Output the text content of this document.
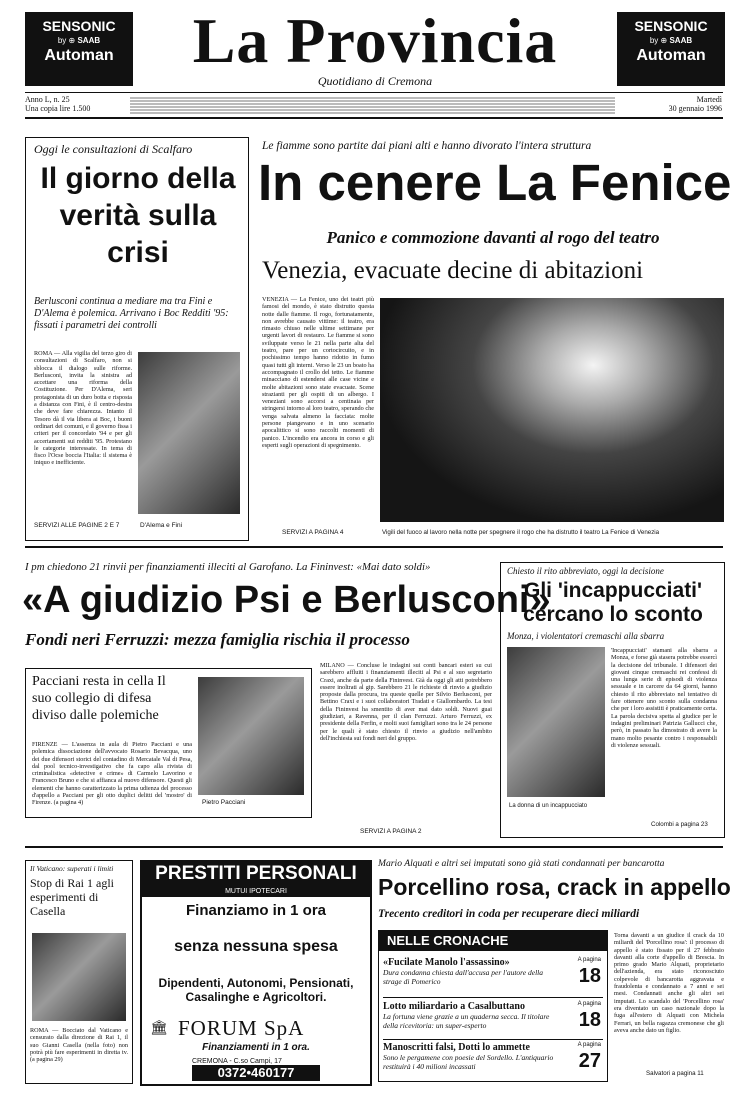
SENSONIC
by ⊕ SAAB
Automan	La Provincia
Quotidiano di Cremona
SENSONIC
by ⊕ SAAB
Automan
Anno L, n. 25
Una copia lire 1.500
Martedì
30 gennaio 1996
Oggi le consultazioni di Scalfaro
Il giorno della verità sulla crisi
Berlusconi continua a mediare ma tra Fini e D'Alema è polemica. Arrivano i Boc Redditi '95: fissati i parametri dei controlli
ROMA — Alla vigilia del terzo giro di consultazioni di Scalfaro, non si sblocca il dialogo sulle riforme. Berlusconi, invita la sinistra ad accettare una riforma della Costituzione. Per D'Alema, seri protagonista di un duro botta e risposta a distanza con Fini, è il centro-destra che deve fare chiarezza. Intanto il Tesoro dà il via libera ai Boc, i buoni ordinari dei comuni, e il governo fissa i criteri per il concordato '94 e per gli accertamenti sui redditi '95. Protestano le categorie interessate. In tema di fisco l'Ocse boccia l'Italia: il sistema è iniquo e inefficiente.
SERVIZI ALLE PAGINE 2 E 7	D'Alema e Fini
Le fiamme sono partite dai piani alti e hanno divorato l'intera struttura
In cenere La Fenice
Panico e commozione davanti al rogo del teatro
Venezia, evacuate decine di abitazioni
VENEZIA — La Fenice, uno dei teatri più famosi del mondo, è stato distrutto questa notte dalle fiamme. Il rogo, fortunatamente, non avrebbe causato vittime: il teatro, era rimasto chiuso nelle ultime settimane per urgenti lavori di restauro. Le fiamme si sono sviluppate verso le 21 nella parte alta del teatro, pare per un cortocircuito, e in pochissimo tempo hanno ridotto in fumo quasi tutti gli interni. Verso le 23 un boato ha accompagnato il crollo del tetto. Le fiamme minacciano di estendersi alle case vicine e molte abitazioni sono state evacuate. Scene strazianti per gli ospiti di un albergo. I veneziani sono accorsi a centinaia per stringersi intorno al loro teatro, sperando che venga salvata almeno la facciata: molte persone piangevano e in uno scenario apocalittico si sono raccolti momenti di panico. L'incendio era ancora in corso e gli esperti sugli operazioni di spegnimento.
SERVIZI A PAGINA 4	Vigili del fuoco al lavoro nella notte per spegnere il rogo che ha distrutto il teatro La Fenice di Venezia
I pm chiedono 21 rinvii per finanziamenti illeciti al Garofano. La Fininvest: «Mai dato soldi»
«A giudizio Psi e Berlusconi»
Fondi neri Ferruzzi: mezza famiglia rischia il processo
Pacciani resta in cella Il suo collegio di difesa diviso dalle polemiche
FIRENZE — L'assenza in aula di Pietro Pacciani e una polemica dissociazione dell'avvocato Rosario Bevacqua, uno dei due difensori storici del contadino di Mercatale Val di Pesa, dal pool tecnico-investigativo che fa capo alla rivista di criminalistica «detective e crime» di Carmelo Lavorino e Francesco Bruno e che si affianca al nuovo difensore. Questi gli elementi che hanno caratterizzato la prima udienza del processo d'appello a Pacciani per gli otto duplici delitti del 'mostro' di Firenze. (a pagina 4)	Pietro Pacciani
MILANO — Concluse le indagini sui conti bancari esteri su cui sarebbero affluiti i finanziamenti illeciti al Psi e al suo segretario Craxi, anche da parte della Fininvest. Già da oggi gli atti potrebbero essere inoltrati al gip. Sarebbero 21 le richieste di rinvio a giudizio proposte dalla procura, tra queste quelle per Silvio Berlusconi, per Bettino Craxi e i suoi collaboratori Tradati e Giallombardo. La tesi della Fininvest ha smentito di aver mai dato soldi. Nuovi guai giudiziari, a Ravenna, per il clan Ferruzzi. Arturo Ferruzzi, ex presidente della Ferfin, e molti suoi famigliari sono tra le 24 persone per le quali è stato chiesto il rinvio a giudizio nell'ambito dell'inchiesta sui fondi neri del gruppo.
SERVIZI A PAGINA 2
Chiesto il rito abbreviato, oggi la decisione
Gli 'incappucciati' cercano lo sconto
Monza, i violentatori cremaschi alla sbarra
La donna di un incappucciato
'Incappucciati' stamani alla sbarra a Monza, e forse già stasera potrebbe essercì la decisione del tribunale. I difensori dei giovani cinque cremaschi rei confessi di una lunga serie di episodi di violenza sessuale e in carcere da 64 giorni, hanno chiesto il rito abbreviato nel tentativo di fare ottenere uno sconto sulla condanna che per i loro assistiti è praticamente certa. La parola decisiva spetta al giudice per le indagini preliminari Patrizia Gallucci che, però, in passato ha dimostrato di avere la mano molto pesante contro i responsabili di violenze sessuali.
Colombi a pagina 23
Il Vaticano: superati i limiti
Stop di Rai 1 agli esperimenti di Casella
ROMA — Bocciato dal Vaticano e censurato dalla direzione di Rai 1, il suo Gianni Casella (nella foto) non potrà più fare esperimenti in diretta tv. (a pagina 29)
PRESTITI PERSONALI
MUTUI IPOTECARI
Finanziamo in 1 ora
senza nessuna spesa
Dipendenti, Autonomi, Pensionati, Casalinghe e Agricoltori.
🏛 FORUM SpA
Finanziamenti in 1 ora.
CREMONA - C.so Campi, 17
0372•460177
Mario Alquati e altri sei imputati sono già stati condannati per bancarotta
Porcellino rosa, crack in appello
Trecento creditori in coda per recuperare dieci miliardi
NELLE CRONACHE
«Fucilate Manolo l'assassino»
Dura condanna chiesta dall'accusa per l'autore della strage di Pomerico
A pagina
18
Lotto miliardario a Casalbuttano
La fortuna viene grazie a un quaderna secca. Il titolare della ricevitoria: un super-esperto
A pagina
18
Manoscritti falsi, Dotti lo ammette
Sono le pergamene con poesie del Sordello. L'antiquario restituirà i 40 milioni incassati
A pagina
27
Torna davanti a un giudice il crack da 10 miliardi del 'Porcellino rosa': il processo di appello è stato fissato per il 27 febbraio davanti alla corte d'appello di Brescia. In primo grado Mario Alquati, proprietario dell'azienda, era stato riconosciuto colpevole di bancarotta aggravata e fraudolenta e condannato a 7 anni e sei mesi. Condannati anche gli altri sei imputati. Lo scandalo del 'Porcellino rosa' era diventato un caso nazionale dopo la fuga all'estero di Alquati con Michela Ferrari, un bella ragazza cremonese che gli aveva anche dato un figlio.
Salvatori a pagina 11
